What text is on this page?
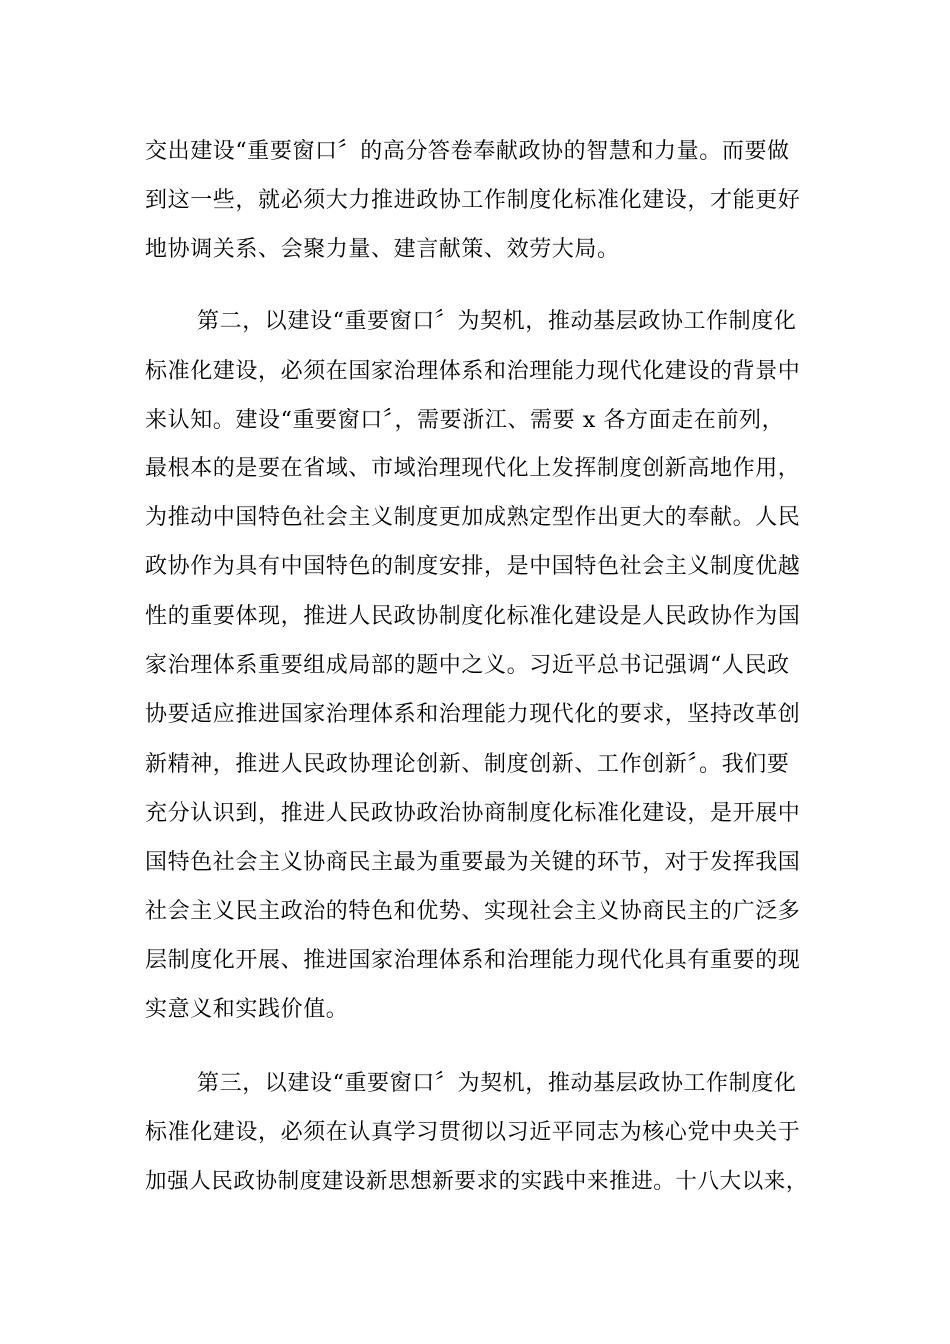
交出建设“重要窗口〞的高分答卷奉献政协的智慧和力量。而要做
到这一些，就必须大力推进政协工作制度化标准化建设，才能更好
地协调关系、会聚力量、建言献策、效劳大局。
第二，以建设“重要窗口〞为契机，推动基层政协工作制度化
标准化建设，必须在国家治理体系和治理能力现代化建设的背景中
来认知。建设“重要窗口〞，需要浙江、需要 x 各方面走在前列，
最根本的是要在省域、市域治理现代化上发挥制度创新高地作用，
为推动中国特色社会主义制度更加成熟定型作出更大的奉献。人民
政协作为具有中国特色的制度安排，是中国特色社会主义制度优越
性的重要体现，推进人民政协制度化标准化建设是人民政协作为国
家治理体系重要组成局部的题中之义。习近平总书记强调“人民政
协要适应推进国家治理体系和治理能力现代化的要求，坚持改革创
新精神，推进人民政协理论创新、制度创新、工作创新〞。我们要
充分认识到，推进人民政协政治协商制度化标准化建设，是开展中
国特色社会主义协商民主最为重要最为关键的环节，对于发挥我国
社会主义民主政治的特色和优势、实现社会主义协商民主的广泛多
层制度化开展、推进国家治理体系和治理能力现代化具有重要的现
实意义和实践价值。
第三，以建设“重要窗口〞为契机，推动基层政协工作制度化
标准化建设，必须在认真学习贯彻以习近平同志为核心党中央关于
加强人民政协制度建设新思想新要求的实践中来推进。十八大以来，
